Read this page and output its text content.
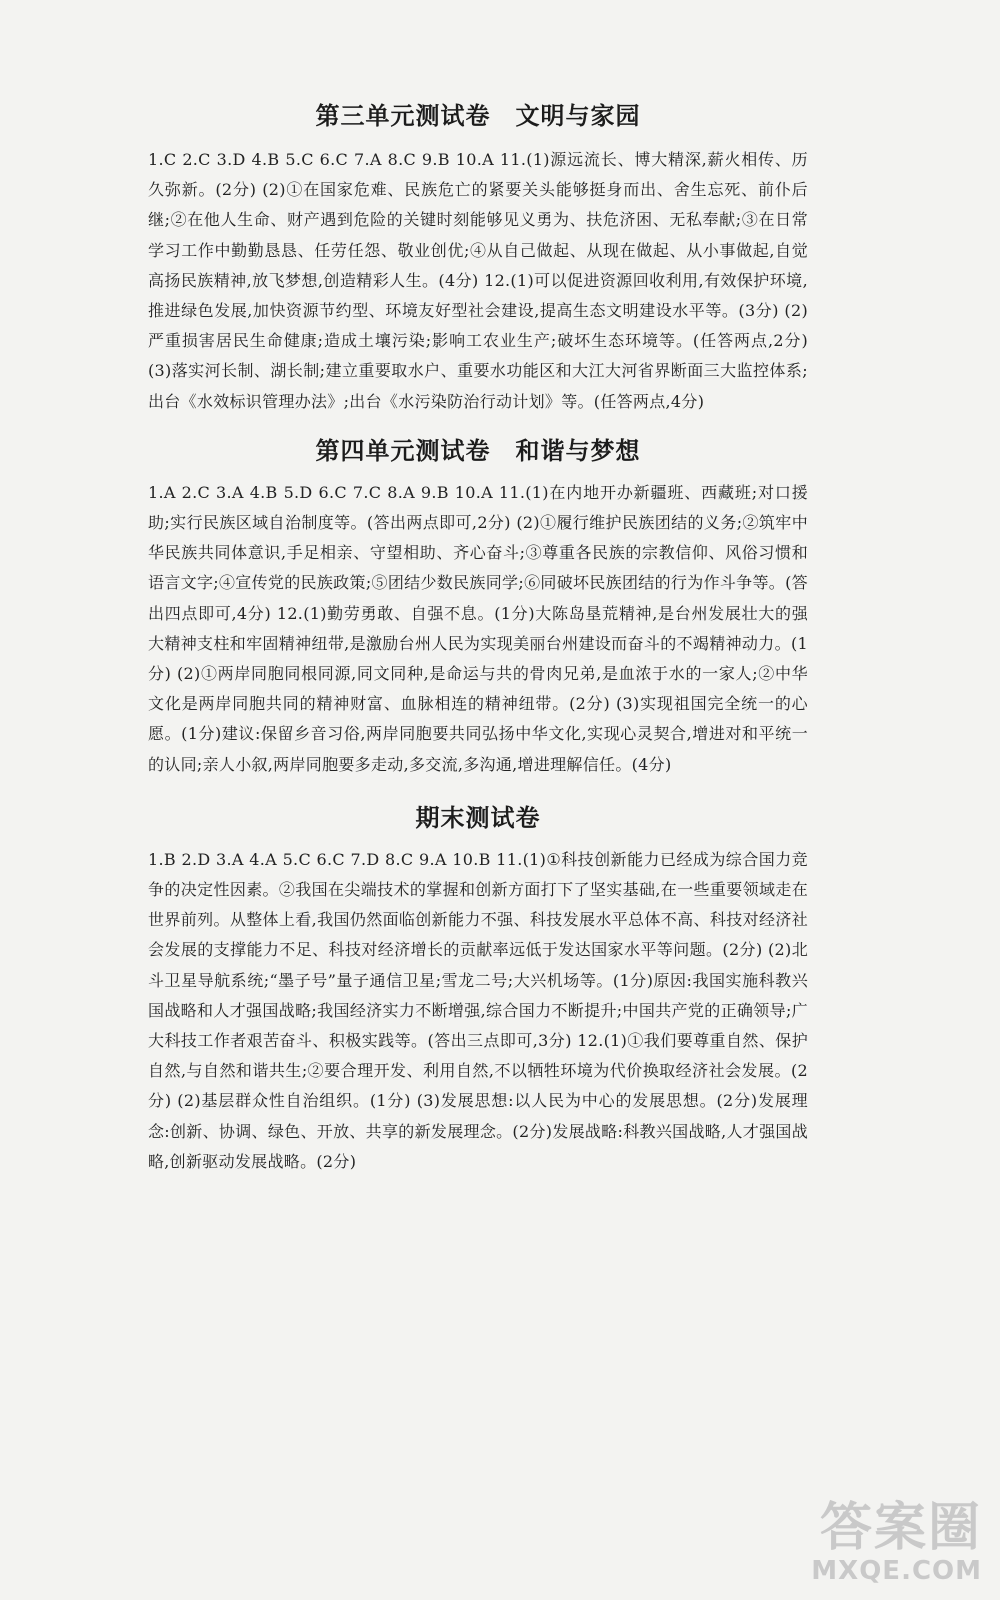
第三单元测试卷　文明与家园
1.C 2.C 3.D 4.B 5.C 6.C 7.A 8.C 9.B 10.A 11.(1)源远流长、博大精深,薪火相传、历久弥新。(2分) (2)①在国家危难、民族危亡的紧要关头能够挺身而出、舍生忘死、前仆后继;②在他人生命、财产遇到危险的关键时刻能够见义勇为、扶危济困、无私奉献;③在日常学习工作中勤勤恳恳、任劳任怨、敬业创优;④从自己做起、从现在做起、从小事做起,自觉高扬民族精神,放飞梦想,创造精彩人生。(4分) 12.(1)可以促进资源回收利用,有效保护环境,推进绿色发展,加快资源节约型、环境友好型社会建设,提高生态文明建设水平等。(3分) (2)严重损害居民生命健康;造成土壤污染;影响工农业生产;破坏生态环境等。(任答两点,2分) (3)落实河长制、湖长制;建立重要取水户、重要水功能区和大江大河省界断面三大监控体系;出台《水效标识管理办法》;出台《水污染防治行动计划》等。(任答两点,4分)
第四单元测试卷　和谐与梦想
1.A 2.C 3.A 4.B 5.D 6.C 7.C 8.A 9.B 10.A 11.(1)在内地开办新疆班、西藏班;对口援助;实行民族区域自治制度等。(答出两点即可,2分) (2)①履行维护民族团结的义务;②筑牢中华民族共同体意识,手足相亲、守望相助、齐心奋斗;③尊重各民族的宗教信仰、风俗习惯和语言文字;④宣传党的民族政策;⑤团结少数民族同学;⑥同破坏民族团结的行为作斗争等。(答出四点即可,4分) 12.(1)勤劳勇敢、自强不息。(1分)大陈岛垦荒精神,是台州发展壮大的强大精神支柱和牢固精神纽带,是激励台州人民为实现美丽台州建设而奋斗的不竭精神动力。(1分) (2)①两岸同胞同根同源,同文同种,是命运与共的骨肉兄弟,是血浓于水的一家人;②中华文化是两岸同胞共同的精神财富、血脉相连的精神纽带。(2分) (3)实现祖国完全统一的心愿。(1分)建议:保留乡音习俗,两岸同胞要共同弘扬中华文化,实现心灵契合,增进对和平统一的认同;亲人小叙,两岸同胞要多走动,多交流,多沟通,增进理解信任。(4分)
期末测试卷
1.B 2.D 3.A 4.A 5.C 6.C 7.D 8.C 9.A 10.B 11.(1)①科技创新能力已经成为综合国力竞争的决定性因素。②我国在尖端技术的掌握和创新方面打下了坚实基础,在一些重要领域走在世界前列。从整体上看,我国仍然面临创新能力不强、科技发展水平总体不高、科技对经济社会发展的支撑能力不足、科技对经济增长的贡献率远低于发达国家水平等问题。(2分) (2)北斗卫星导航系统;“墨子号”量子通信卫星;雪龙二号;大兴机场等。(1分)原因:我国实施科教兴国战略和人才强国战略;我国经济实力不断增强,综合国力不断提升;中国共产党的正确领导;广大科技工作者艰苦奋斗、积极实践等。(答出三点即可,3分) 12.(1)①我们要尊重自然、保护自然,与自然和谐共生;②要合理开发、利用自然,不以牺牲环境为代价换取经济社会发展。(2分) (2)基层群众性自治组织。(1分) (3)发展思想:以人民为中心的发展思想。(2分)发展理念:创新、协调、绿色、开放、共享的新发展理念。(2分)发展战略:科教兴国战略,人才强国战略,创新驱动发展战略。(2分)
答案圈
MXQE.COM
